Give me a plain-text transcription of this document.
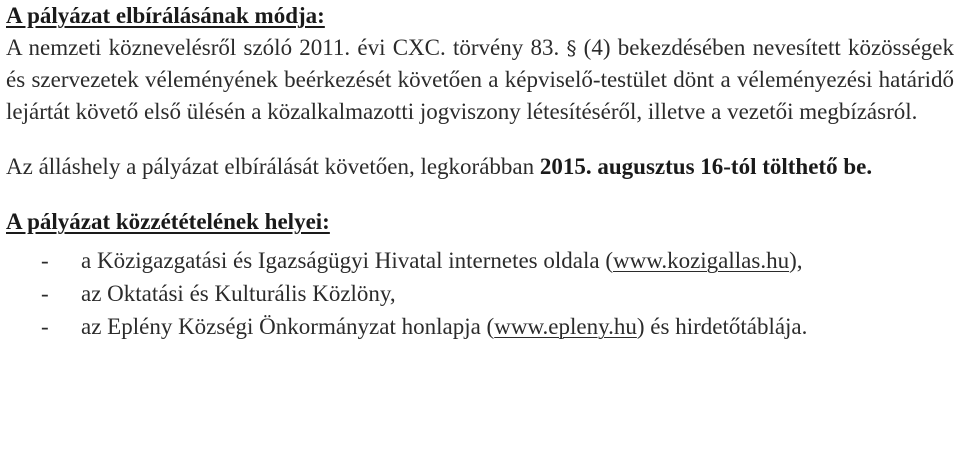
A pályázat elbírálásának módja:

A nemzeti köznevelésről szóló 2011. évi CXC. törvény 83. § (4) bekezdésében nevesített közösségek és szervezetek véleményének beérkezését követően a képviselő-testület dönt a véleményezési határidő lejártát követő első ülésén a közalkalmazotti jogviszony létesítéséről, illetve a vezetői megbízásról.

Az álláshely a pályázat elbírálását követően, legkorábban 2015. augusztus 16-tól tölthető be.

A pályázat közzétételének helyei:

- a Közigazgatási és Igazságügyi Hivatal internetes oldala (www.kozigallas.hu),
- az Oktatási és Kulturális Közlöny,
- az Eplény Községi Önkormányzat honlapja (www.epleny.hu) és hirdetőtáblája.
